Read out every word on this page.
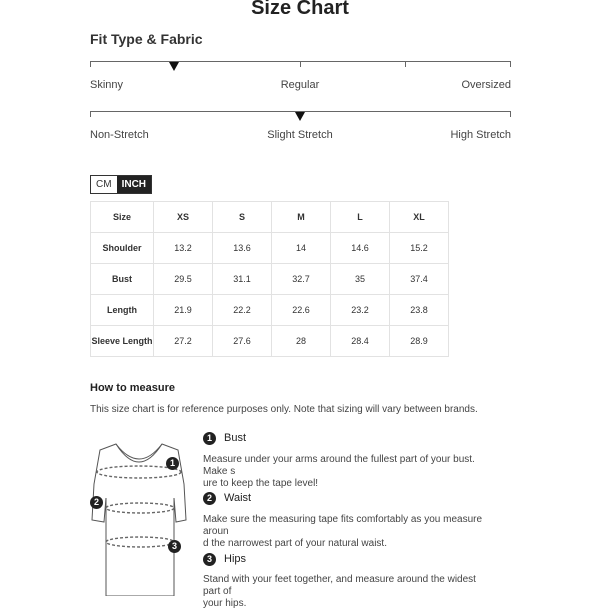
Size Chart
Fit Type & Fabric
Skinny	Regular	Oversized
Non-Stretch	Slight Stretch	High Stretch
CM	INCH
Size	XS	S	M	L	XL
Shoulder	13.2	13.6	14	14.6	15.2
Bust	29.5	31.1	32.7	35	37.4
Length	21.9	22.2	22.6	23.2	23.8
Sleeve Length	27.2	27.6	28	28.4	28.9
How to measure
This size chart is for reference purposes only. Note that sizing will vary between brands.
1
2
3
1	Bust
Measure under your arms around the fullest part of your bust. Make s
ure to keep the tape level!
2	Waist
Make sure the measuring tape fits comfortably as you measure aroun
d the narrowest part of your natural waist.
3	Hips
Stand with your feet together, and measure around the widest part of
your hips.
